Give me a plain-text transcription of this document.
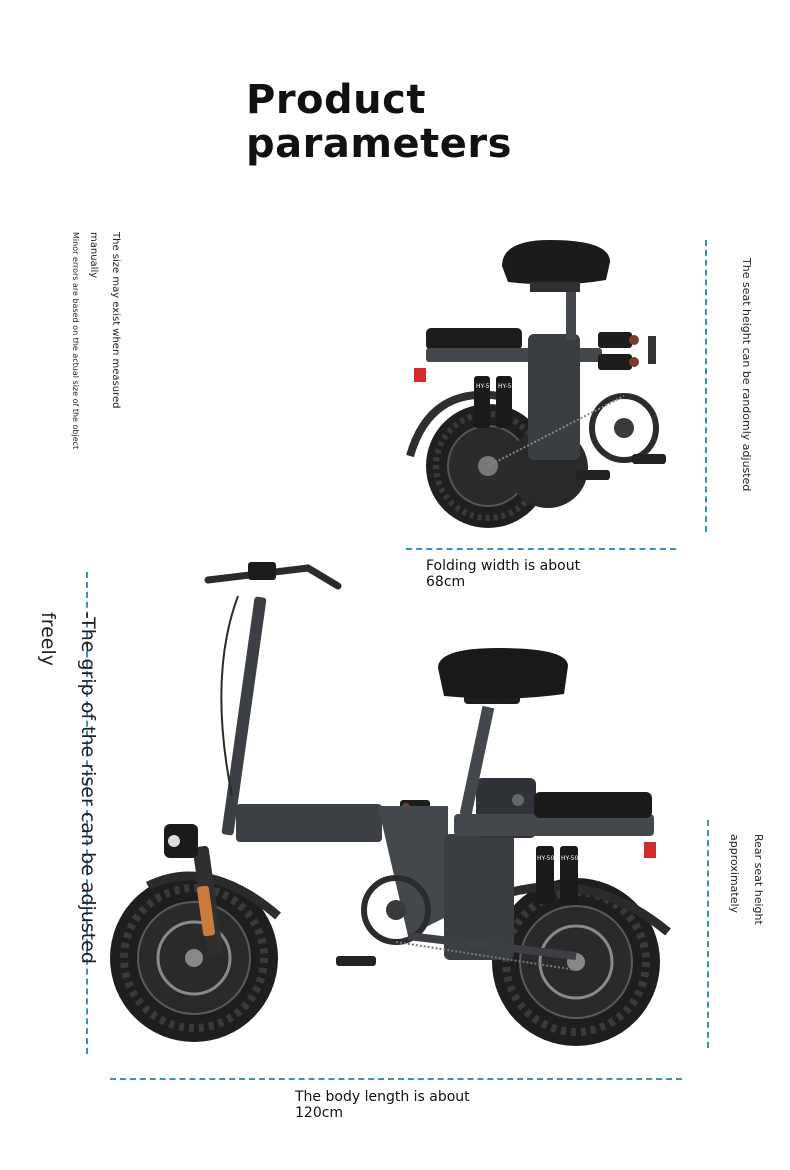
Product
parameters

The size may exist when measured

manually

Minor errors are based on the actual size of the object	The seat height can be randomly adjusted
Folding width is about
68cm

-The grip of the riser can be adjusted

freely

Rear seat height

approximately

The body length is about
120cm
HY-50 HY-50
HY-50 HY-50
